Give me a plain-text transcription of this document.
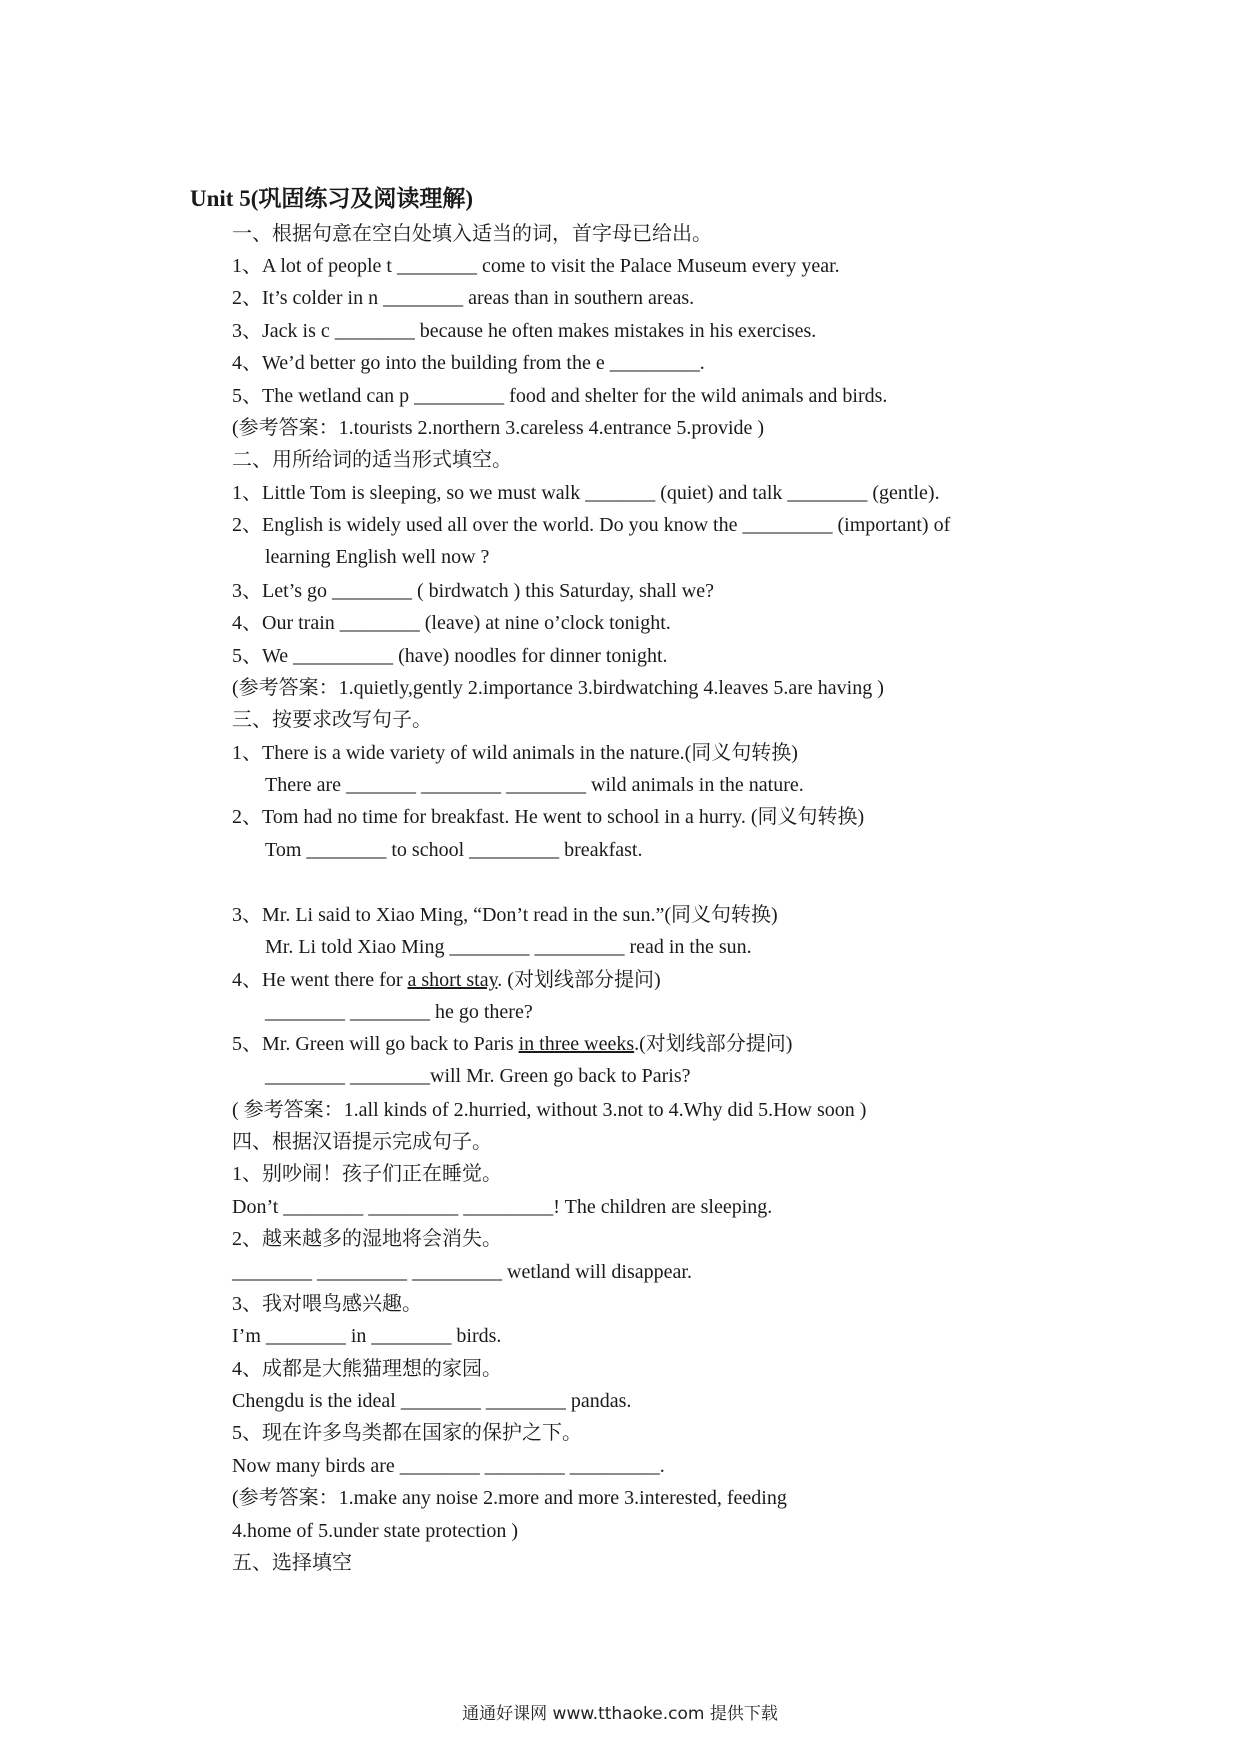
Unit 5(巩固练习及阅读理解)
一、根据句意在空白处填入适当的词，首字母已给出。
1、A lot of people t ________ come to visit the Palace Museum every year.
2、It’s colder in n ________ areas than in southern areas.
3、Jack is c ________ because he often makes mistakes in his exercises.
4、We’d better go into the building from the e _________.
5、The wetland can p _________ food and shelter for the wild animals and birds.
(参考答案：1.tourists 2.northern 3.careless 4.entrance 5.provide )
二、用所给词的适当形式填空。
1、Little Tom is sleeping, so we must walk _______ (quiet) and talk ________ (gentle).
2、English is widely used all over the world. Do you know the _________ (important) of
learning English well now ?
3、Let’s go ________ ( birdwatch ) this Saturday, shall we?
4、Our train ________ (leave) at nine o’clock tonight.
5、We __________ (have) noodles for dinner tonight.
(参考答案：1.quietly,gently 2.importance 3.birdwatching 4.leaves 5.are having )
三、按要求改写句子。
1、There is a wide variety of wild animals in the nature.(同义句转换)
There are _______ ________ ________ wild animals in the nature.
2、Tom had no time for breakfast. He went to school in a hurry. (同义句转换)
Tom ________ to school _________ breakfast.
3、Mr. Li said to Xiao Ming, “Don’t read in the sun.”(同义句转换)
Mr. Li told Xiao Ming ________ _________ read in the sun.
4、He went there for a short stay. (对划线部分提问)
________ ________ he go there?
5、Mr. Green will go back to Paris in three weeks.(对划线部分提问)
________ ________will Mr. Green go back to Paris?
( 参考答案：1.all kinds of 2.hurried, without 3.not to 4.Why did 5.How soon )
四、根据汉语提示完成句子。
1、别吵闹！孩子们正在睡觉。
Don’t ________ _________ _________! The children are sleeping.
2、越来越多的湿地将会消失。
________ _________ _________ wetland will disappear.
3、我对喂鸟感兴趣。
I’m ________ in ________ birds.
4、成都是大熊猫理想的家园。
Chengdu is the ideal ________ ________ pandas.
5、现在许多鸟类都在国家的保护之下。
Now many birds are ________ ________ _________.
(参考答案：1.make any noise 2.more and more 3.interested, feeding
4.home of 5.under state protection )
五、选择填空
通通好课网 www.tthaoke.com 提供下载
